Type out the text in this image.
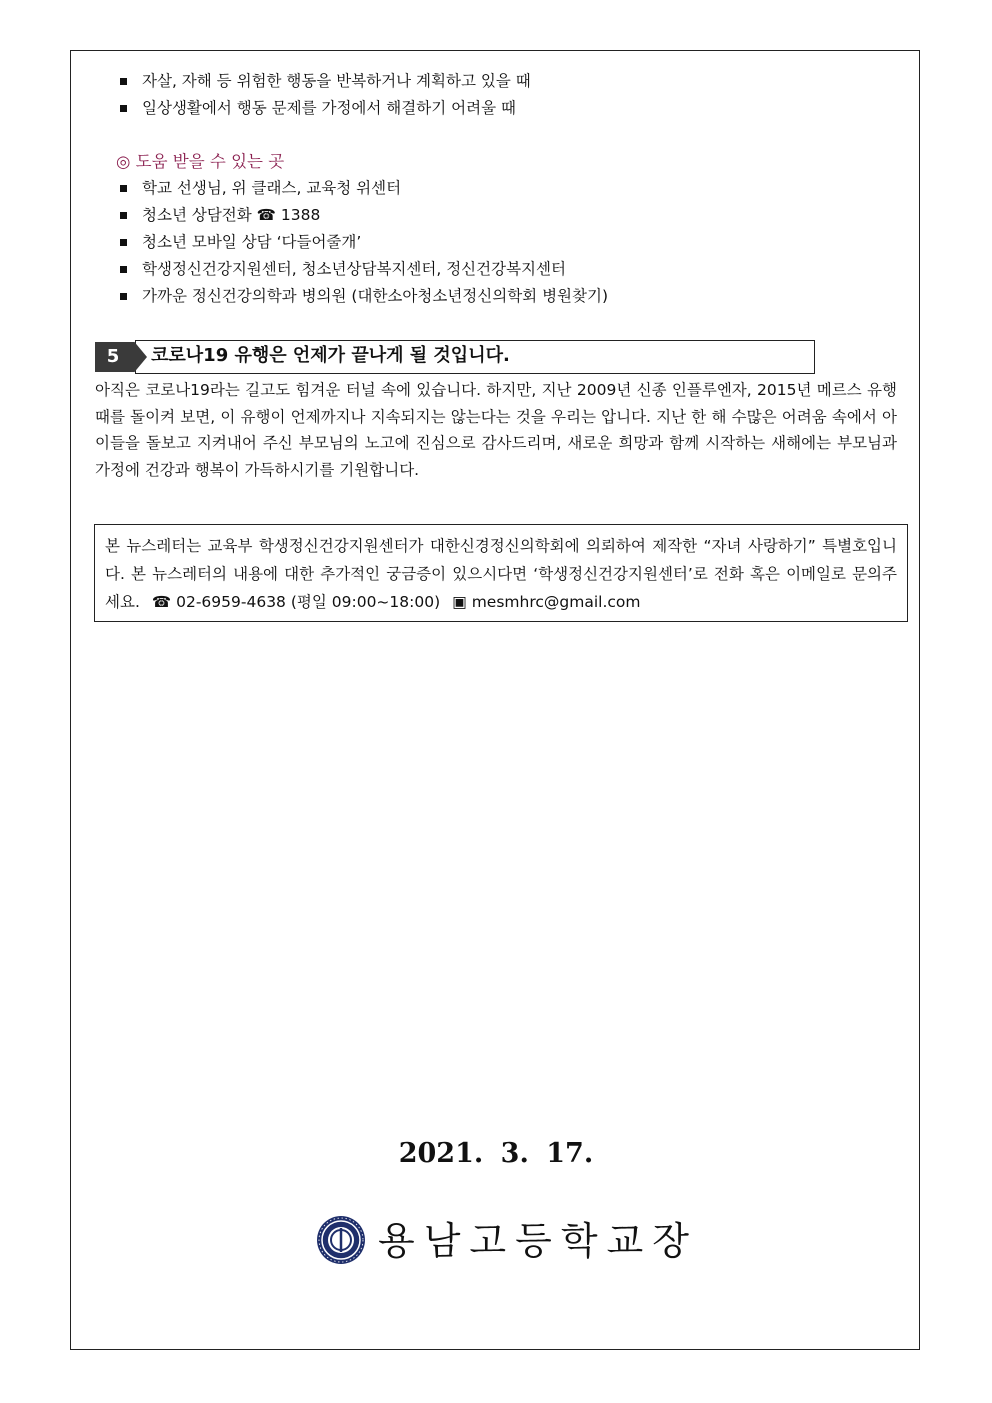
자살, 자해 등 위험한 행동을 반복하거나 계획하고 있을 때
일상생활에서 행동 문제를 가정에서 해결하기 어려울 때
◎ 도움 받을 수 있는 곳
학교 선생님, 위 클래스, 교육청 위센터
청소년 상담전화 ☎ 1388
청소년 모바일 상담 ‘다들어줄개’
학생정신건강지원센터, 청소년상담복지센터, 정신건강복지센터
가까운 정신건강의학과 병의원 (대한소아청소년정신의학회 병원찾기)
5	코로나19 유행은 언제가 끝나게 될 것입니다.
아직은 코로나19라는 길고도 힘겨운 터널 속에 있습니다. 하지만, 지난 2009년 신종 인플루엔자, 2015년 메르스 유행 때를 돌이켜 보면, 이 유행이 언제까지나 지속되지는 않는다는 것을 우리는 압니다. 지난 한 해 수많은 어려움 속에서 아이들을 돌보고 지켜내어 주신 부모님의 노고에 진심으로 감사드리며, 새로운 희망과 함께 시작하는 새해에는 부모님과 가정에 건강과 행복이 가득하시기를 기원합니다.
본 뉴스레터는 교육부 학생정신건강지원센터가 대한신경정신의학회에 의뢰하여 제작한 “자녀 사랑하기” 특별호입니다. 본 뉴스레터의 내용에 대한 추가적인 궁금증이 있으시다면 ‘학생정신건강지원센터’로 전화 혹은 이메일로 문의주세요. ☎ 02-6959-4638 (평일 09:00~18:00) ▣ mesmhrc@gmail.com
2021. 3. 17.
용남고등학교장
